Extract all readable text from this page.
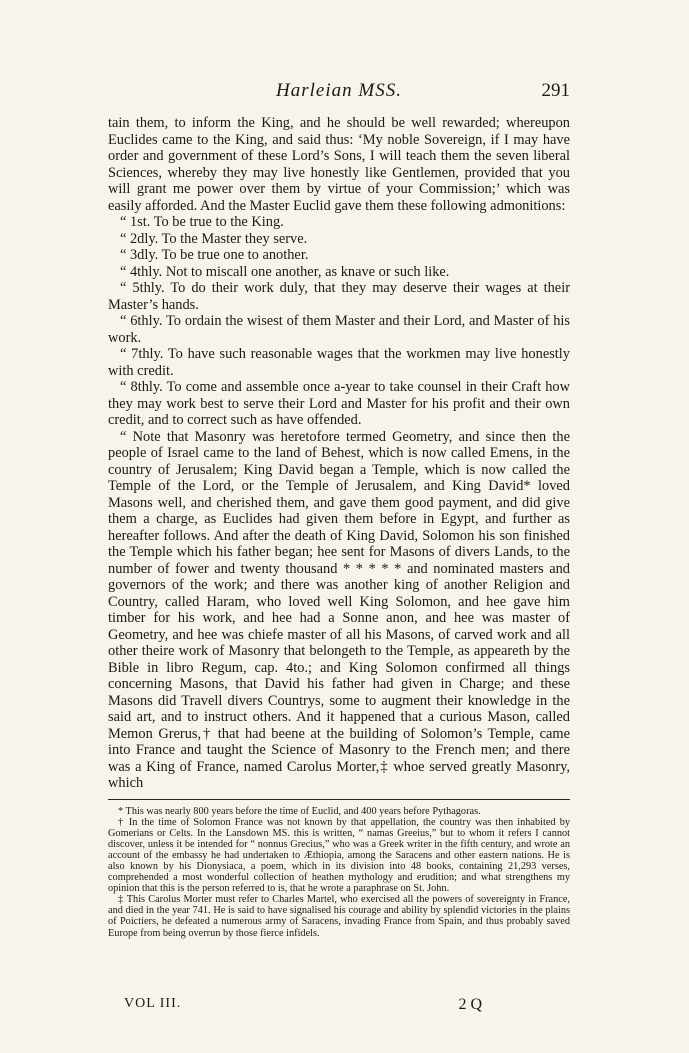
Harleian MSS.	291

tain them, to inform the King, and he should be well rewarded; whereupon Euclides came to the King, and said thus: ‘My noble Sovereign, if I may have order and government of these Lord’s Sons, I will teach them the seven liberal Sciences, whereby they may live honestly like Gentlemen, provided that you will grant me power over them by virtue of your Commission;’ which was easily afforded. And the Master Euclid gave them these following admonitions:

“ 1st. To be true to the King.

“ 2dly. To the Master they serve.

“ 3dly. To be true one to another.

“ 4thly. Not to miscall one another, as knave or such like.

“ 5thly. To do their work duly, that they may deserve their wages at their Master’s hands.

“ 6thly. To ordain the wisest of them Master and their Lord, and Master of his work.

“ 7thly. To have such reasonable wages that the workmen may live honestly with credit.

“ 8thly. To come and assemble once a-year to take counsel in their Craft how they may work best to serve their Lord and Master for his profit and their own credit, and to correct such as have offended.

“ Note that Masonry was heretofore termed Geometry, and since then the people of Israel came to the land of Behest, which is now called Emens, in the country of Jerusalem; King David began a Temple, which is now called the Temple of the Lord, or the Temple of Jerusalem, and King David* loved Masons well, and cherished them, and gave them good payment, and did give them a charge, as Euclides had given them before in Egypt, and further as hereafter follows. And after the death of King David, Solomon his son finished the Temple which his father began; hee sent for Masons of divers Lands, to the number of fower and twenty thousand * * * * * and nominated masters and governors of the work; and there was another king of another Religion and Country, called Haram, who loved well King Solomon, and hee gave him timber for his work, and hee had a Sonne anon, and hee was master of Geometry, and hee was chiefe master of all his Masons, of carved work and all other theire work of Masonry that belongeth to the Temple, as appeareth by the Bible in libro Regum, cap. 4to.; and King Solomon confirmed all things concerning Masons, that David his father had given in Charge; and these Masons did Travell divers Countrys, some to augment their knowledge in the said art, and to instruct others. And it happened that a curious Mason, called Memon Grerus,† that had beene at the building of Solomon’s Temple, came into France and taught the Science of Masonry to the French men; and there was a King of France, named Carolus Morter,‡ whoe served greatly Masonry, which

* This was nearly 800 years before the time of Euclid, and 400 years before Pythagoras.

† In the time of Solomon France was not known by that appellation, the country was then inhabited by Gomerians or Celts. In the Lansdown MS. this is written, “ namas Greeius,” but to whom it refers I cannot discover, unless it be intended for “ nonnus Grecius,” who was a Greek writer in the fifth century, and wrote an account of the embassy he had undertaken to Æthiopia, among the Saracens and other eastern nations. He is also known by his Dionysiaca, a poem, which in its division into 48 books, containing 21,293 verses, comprehended a most wonderful collection of heathen mythology and erudition; and what strengthens my opinion that this is the person referred to is, that he wrote a paraphrase on St. John.

‡ This Carolus Morter must refer to Charles Martel, who exercised all the powers of sovereignty in France, and died in the year 741. He is said to have signalised his courage and ability by splendid victories in the plains of Poictiers, he defeated a numerous army of Saracens, invading France from Spain, and thus probably saved Europe from being overrun by those fierce infidels.

VOL III.	2 Q
